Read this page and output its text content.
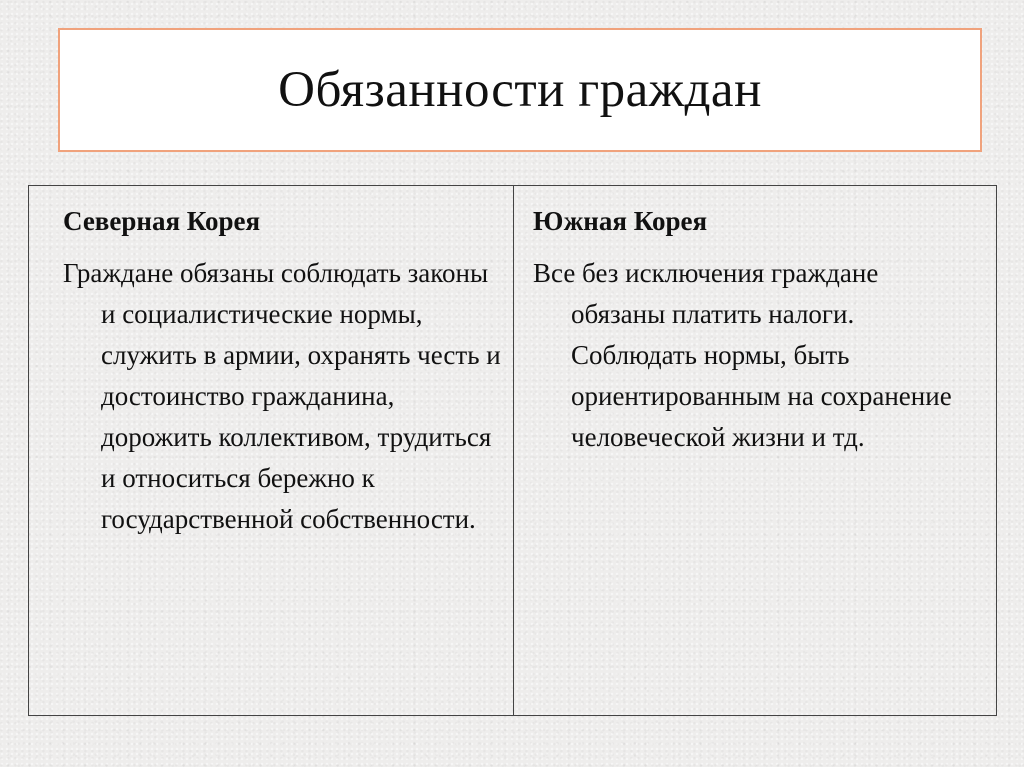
Обязанности граждан

Северная Корея

Граждане обязаны соблюдать законы и социалистические нормы, служить в армии, охранять честь и достоинство гражданина, дорожить коллективом, трудиться и относиться бережно к государственной собственности.

Южная Корея

Все без исключения граждане обязаны платить налоги. Соблюдать нормы, быть ориентированным на сохранение человеческой жизни и тд.
